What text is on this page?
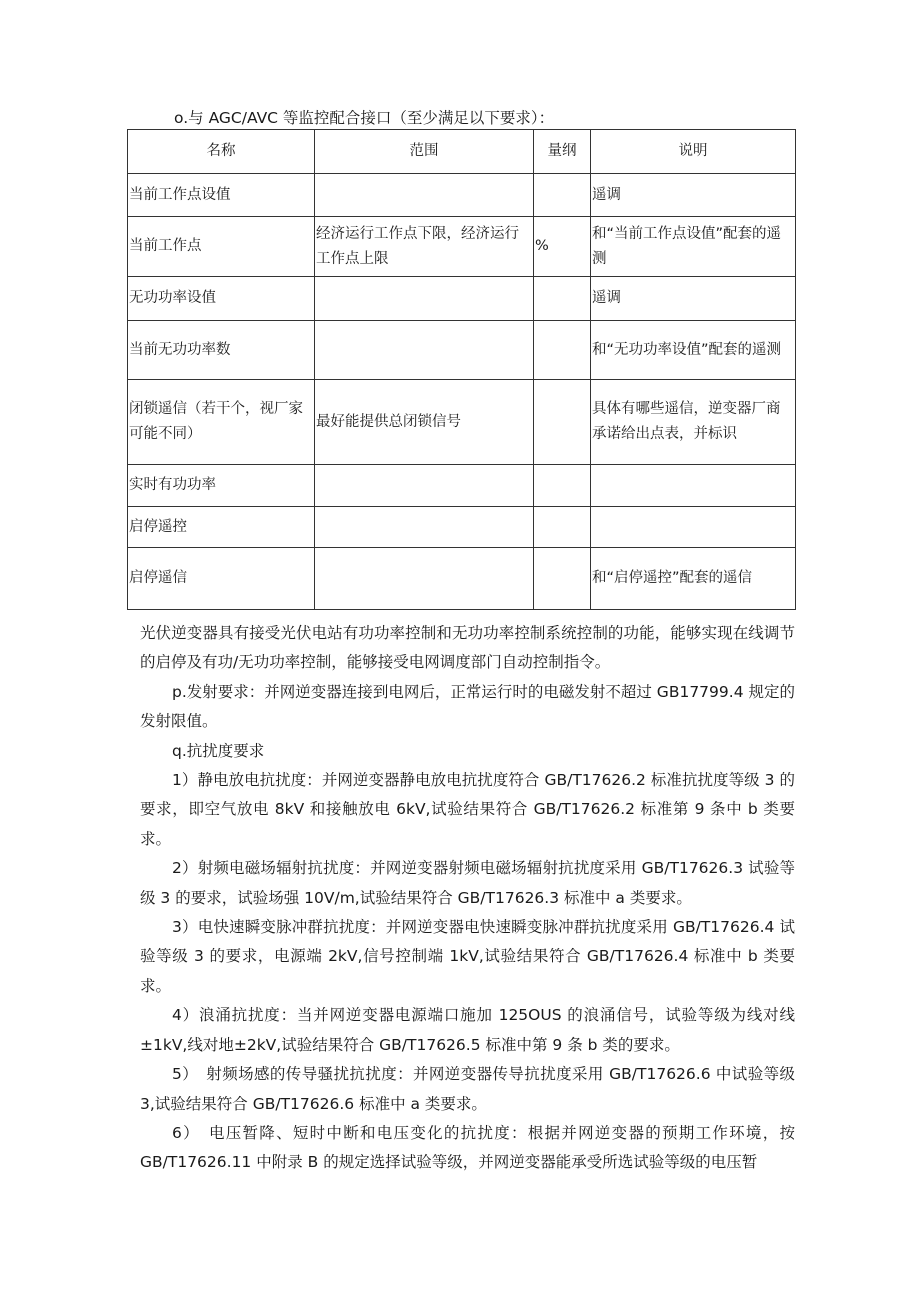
o.与 AGC/AVC 等监控配合接口（至少满足以下要求）：
名称	范围	量纲	说明
当前工作点设值			遥调
当前工作点	经济运行工作点下限，经济运行工作点上限	%	和“当前工作点设值”配套的遥测
无功功率设值			遥调
当前无功功率数			和“无功功率设值”配套的遥测
闭锁遥信（若干个，视厂家可能不同）	最好能提供总闭锁信号		具体有哪些遥信，逆变器厂商承诺给出点表，并标识
实时有功功率			
启停遥控			
启停遥信			和“启停遥控”配套的遥信

光伏逆变器具有接受光伏电站有功功率控制和无功功率控制系统控制的功能，能够实现在线调节的启停及有功/无功功率控制，能够接受电网调度部门自动控制指令。

p.发射要求：并网逆变器连接到电网后，正常运行时的电磁发射不超过 GB17799.4 规定的发射限值。

q.抗扰度要求

1）静电放电抗扰度：并网逆变器静电放电抗扰度符合 GB/T17626.2 标准抗扰度等级 3 的要求，即空气放电 8kV 和接触放电 6kV,试验结果符合 GB/T17626.2 标准第 9 条中 b 类要求。

2）射频电磁场辐射抗扰度：并网逆变器射频电磁场辐射抗扰度采用 GB/T17626.3 试验等级 3 的要求，试验场强 10V∕m,试验结果符合 GB/T17626.3 标准中 a 类要求。

3）电快速瞬变脉冲群抗扰度：并网逆变器电快速瞬变脉冲群抗扰度采用 GB/T17626.4 试验等级 3 的要求，电源端 2kV,信号控制端 1kV,试验结果符合 GB/T17626.4 标准中 b 类要求。

4）浪涌抗扰度：当并网逆变器电源端口施加 125OUS 的浪涌信号，试验等级为线对线±1kV,线对地±2kV,试验结果符合 GB/T17626.5 标准中第 9 条 b 类的要求。

5）　射频场感的传导骚扰抗扰度：并网逆变器传导抗扰度采用 GB/T17626.6 中试验等级 3,试验结果符合 GB/T17626.6 标准中 a 类要求。

6）　电压暂降、短时中断和电压变化的抗扰度：根据并网逆变器的预期工作环境，按 GB/T17626.11 中附录 B 的规定选择试验等级，并网逆变器能承受所选试验等级的电压暂
